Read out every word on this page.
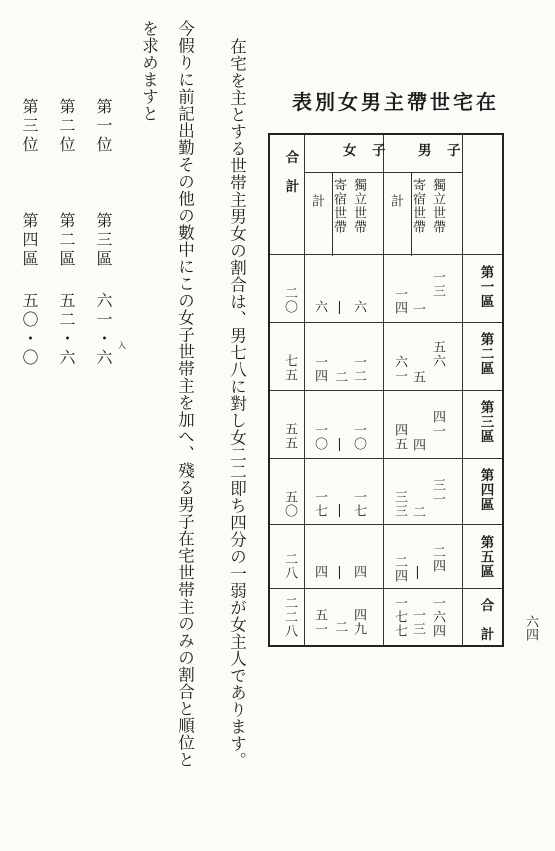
表別女男主帶世宅在
六四
在宅を主とする世帯主男女の割合は、男七八に對し女二二即ち四分の一弱が女主人であります。
今假りに前記出勤その他の數中にこの女子世帯主を加へ、殘る男子在宅世帯主のみの割合と順位と
を求めますと
第一位
第三區
六一・六 入
第二位
第二區
五二・六
第三位
第四區
五〇・〇
合　計	女　子 男　子
計 寄宿世帶 獨立世帶 計 寄宿世帶 獨立世帶
第一區
第二區
第三區
第四區
第五區
合　計
一三
一
一四
六
|
六
二〇
五六
五
六一
一二
二
一四
七五
四一
四
四五
一〇
|
一〇
五五
三一
二
三三
一七
|
一七
五〇
二四
|
二四
四
|
四
二八
一六四
一三
一七七
四九
二
五一
二二八
